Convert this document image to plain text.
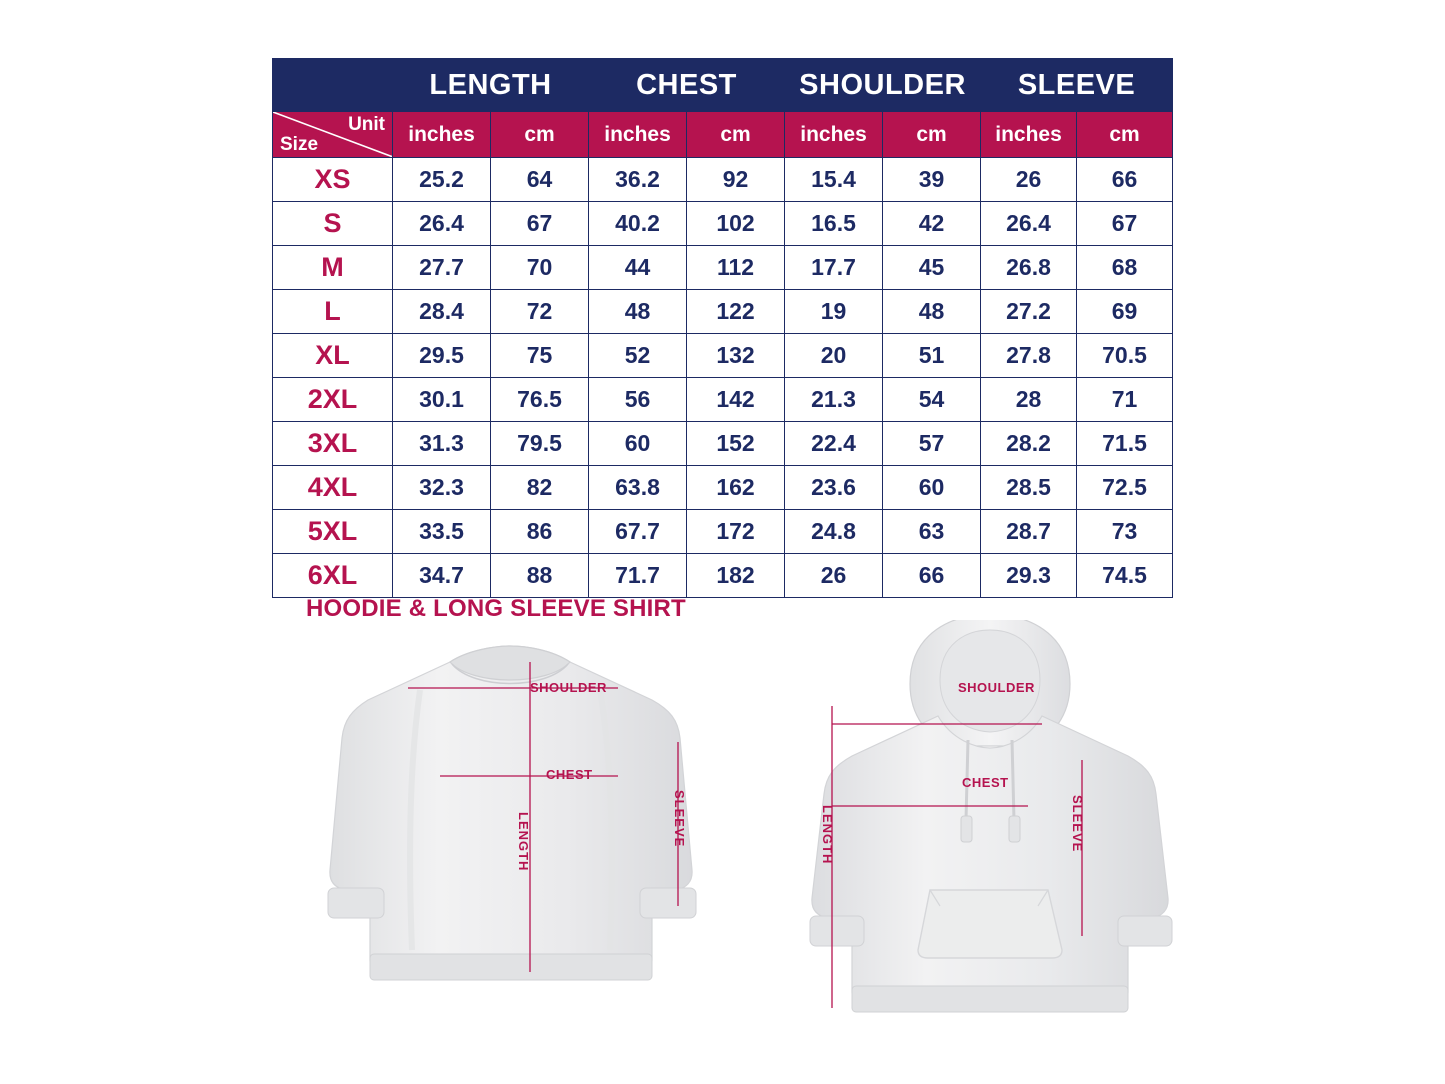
	LENGTH		CHEST		SHOULDER		SLEEVE	

Unit
Size	inches	cm	inches	cm	inches	cm	inches	cm
XS	25.2	64	36.2	92	15.4	39	26	66
S	26.4	67	40.2	102	16.5	42	26.4	67
M	27.7	70	44	112	17.7	45	26.8	68
L	28.4	72	48	122	19	48	27.2	69
XL	29.5	75	52	132	20	51	27.8	70.5
2XL	30.1	76.5	56	142	21.3	54	28	71
3XL	31.3	79.5	60	152	22.4	57	28.2	71.5
4XL	32.3	82	63.8	162	23.6	60	28.5	72.5
5XL	33.5	86	67.7	172	24.8	63	28.7	73
6XL	34.7	88	71.7	182	26	66	29.3	74.5
HOODIE & LONG SLEEVE SHIRT
SHOULDER
CHEST
LENGTH	SLEEVE
SHOULDER
CHEST
LENGTH	SLEEVE
